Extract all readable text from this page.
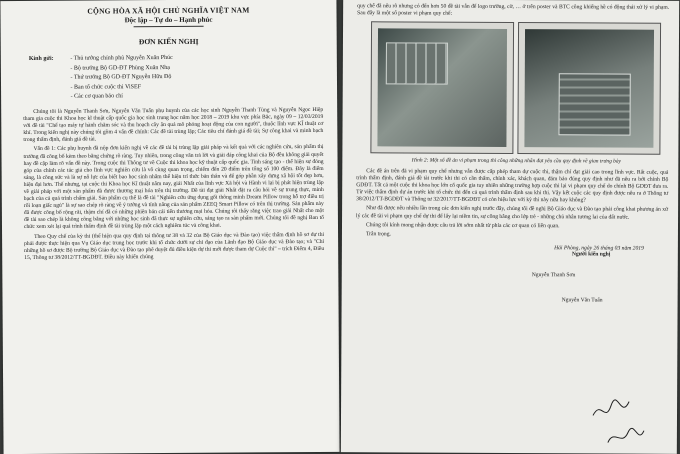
CỘNG HÒA XÃ HỘI CHỦ NGHĨA VIỆT NAM
Độc lập – Tự do – Hạnh phúc
ĐƠN KIẾN NGHỊ
Kính gửi:	- Thủ tướng chính phủ Nguyễn Xuân Phúc
- Bộ trưởng Bộ GD-ĐT Phùng Xuân Nhạ
- Thứ trưởng Bộ GD-ĐT Nguyễn Hữu Độ
- Ban tổ chức cuộc thi ViSEF
- Các cơ quan báo chí

Chúng tôi là Nguyễn Thanh Sơn, Nguyễn Văn Tuấn phụ huynh của các học sinh Nguyễn Thanh Tùng và Nguyễn Ngọc Hiệp tham gia cuộc thi Khoa học kĩ thuật cấp quốc gia học sinh trung học năm học 2018 – 2019 khu vực phía Bắc, ngày 09 – 12/03/2019 với đề tài "Chế tạo máy tự hành chăm sóc và thu hoạch cây ăn quả mô phỏng hoạt động của con người", thuộc lĩnh vực KĨ thuật cơ khí. Trong kiến nghị này chúng tôi gồm 4 vấn đề chính: Các đề tài trùng lặp; Các tiêu chí đánh giá đề tài; Sự công khai và minh bạch trong thẩm định, đánh giá đề tài.

Vấn đề 1: Các phụ huynh đã nộp đơn kiến nghị về các đề tài bị trùng lặp giải pháp và kết quả với các nghiên cứu, sản phẩm thị trường đã công bố kèm theo bằng chứng rõ ràng. Tuy nhiên, trong công văn trả lời và giải đáp công khai của Bộ đều không giải quyết hay đề cập làm rõ vấn đề này. Trong cuộc thi Thông tư về Cuộc thi khoa học kỹ thuật cấp quốc gia. Tinh sáng tạo - thể hiện sự đóng góp của chính các tác giả cho lĩnh vực nghiên cứu là vô cùng quan trọng, chiếm đến 20 điểm trên tổng số 100 điểm. Đây là điểm sáng, là công sức và là sự nỗ lực của biết bao học sinh nhằm thể hiện trí thức bản thân và để góp phần xây dựng xã hội tốt đẹp hơn, hiện đại hơn. Thế nhưng, tại cuộc thi Khoa học Kĩ thuật năm nay, giải Nhất của lĩnh vực Xã hội và Hành vi lại bị phát hiện trùng lặp về giải pháp với một sản phẩm đã được thương mại hóa trên thị trường. Đề tài đạt giải Nhất đặt ra câu hỏi về sự trung thực, minh bạch của cả quá trình chấm giải. Sản phẩm cụ thể là đề tài "Nghiên cứu ứng dụng gối thông minh Dream Pillow trong hỗ trợ điều trị rối loạn giấc ngủ" là sự sao chép rõ ràng về ý tưởng và tính năng của sản phẩm ZEEQ Smart Pillow có trên thị trường. Sản phẩm này đã được công bố rộng rãi, thậm chí đã có những phiên bản cải tiến thương mại hóa. Chúng tôi thấy rằng việc trao giải Nhất cho một đề tài sao chép là không công bằng với những học sinh đã thực sự nghiên cứu, sáng tạo ra sản phẩm mới. Chúng tôi đề nghị Ban tổ chức xem xét lại quá trình thẩm định đề tài trùng lặp một cách nghiêm túc và công khai.

Theo Quy chế của kỳ thi (thể hiện qua quy định tại thông tư 38 và 32 của Bộ Giáo dục và Đào tạo) việc thẩm định hồ sơ dự thi phải được thực hiện qua Vụ Giáo dục trung học trước khi tổ chức dưới sự chỉ đạo của Lãnh đạo Bộ Giáo dục và Đào tạo; và "Chỉ những hồ sơ được Bộ trưởng Bộ Giáo dục và Đào tạo phê duyệt đủ điều kiện dự thi mới được tham dự Cuộc thi" – trích Điểm 4, Điều 15, Thông tư 38/2012/TT-BGDĐT. Điều này khiến chúng

quy chế đã nêu rõ nhưng có đến hơn 50 đề tài vẫn để logo trường, cờ, … ở trên poster và BTC công khiếng hề có động thái xử lý vi phạm. Sau đây là một số poster vi phạm quy chế:
Hình 2: Một số đề án vi phạm trong thi công những nhãn đạt yêu cầu quy định về gian trưng bày

Các đề án trên đã vi phạm quy chế nhưng vẫn được cấp phép tham dự cuộc thi, thậm chí đạt giải cao trong lĩnh vực. Rất cuộc, quá trình thẩm định, đánh giá đề tài trước khi thi có cần thẩm, chính xác, khách quan, đảm bảo đúng quy định như đã nêu ra bởi chính Bộ GDĐT. Tất cả một cuộc thi khoa học lớn cố quốc gia tuy nhiên những trường hợp cuộc thi lại vi phạm quy chế do chính Bộ GDĐT đưa ra. Từ việc thẩm định dự án trước khi tổ chức thi đến cả quá trình thẩm định sau khi thi. Vậy kết cuộc các quy định được nêu ra ở Thông tư 38/2012/TT-BGDĐT và Thông tư 32/2017/TT-BGDĐT có còn hiệu lực với kỳ thi này nữa hay không?

Như đã được nêu nhiều lần trong các đơn kiến nghị trước đây, chúng tôi đề nghị Bộ Giáo dục và Đào tạo phải công khai phương án xử lý các đề tài vi phạm quy chế dự thi để lấy lại niềm tin, sự công bằng cho lớp trẻ - những chủ nhân tương lai của đất nước.

Chúng tôi kính mong nhận được câu trả lời sớm nhất từ phía các cơ quan có liên quan.

Trân trọng.

Hải Phòng, ngày 26 tháng 03 năm 2019
Người kiến nghị
Nguyễn Thanh Sơn
Nguyễn Văn Tuấn
